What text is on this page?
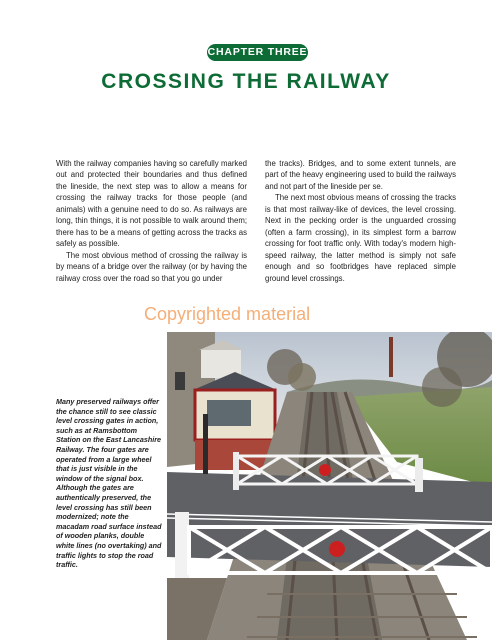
CHAPTER THREE
CROSSING THE RAILWAY

With the railway companies having so carefully marked out and protected their boundaries and thus defined the lineside, the next step was to allow a means for crossing the railway tracks for those people (and animals) with a genuine need to do so. As railways are long, thin things, it is not possible to walk around them; there has to be a means of getting across the tracks as safely as possible.

The most obvious method of crossing the railway is by means of a bridge over the railway (or by having the railway cross over the road so that you go under

the tracks). Bridges, and to some extent tunnels, are part of the heavy engineering used to build the railways and not part of the lineside per se.

The next most obvious means of crossing the tracks is that most railway-like of devices, the level crossing. Next in the pecking order is the unguarded crossing (often a farm crossing), in its simplest form a barrow crossing for foot traffic only. With today's modern high-speed railway, the latter method is simply not safe enough and so footbridges have replaced simple ground level crossings.

Copyrighted material
Many preserved railways offer the chance still to see classic level crossing gates in action, such as at Ramsbottom Station on the East Lancashire Railway. The four gates are operated from a large wheel that is just visible in the window of the signal box. Although the gates are authentically preserved, the level crossing has still been modernized; note the macadam road surface instead of wooden planks, double white lines (no overtaking) and traffic lights to stop the road traffic.
